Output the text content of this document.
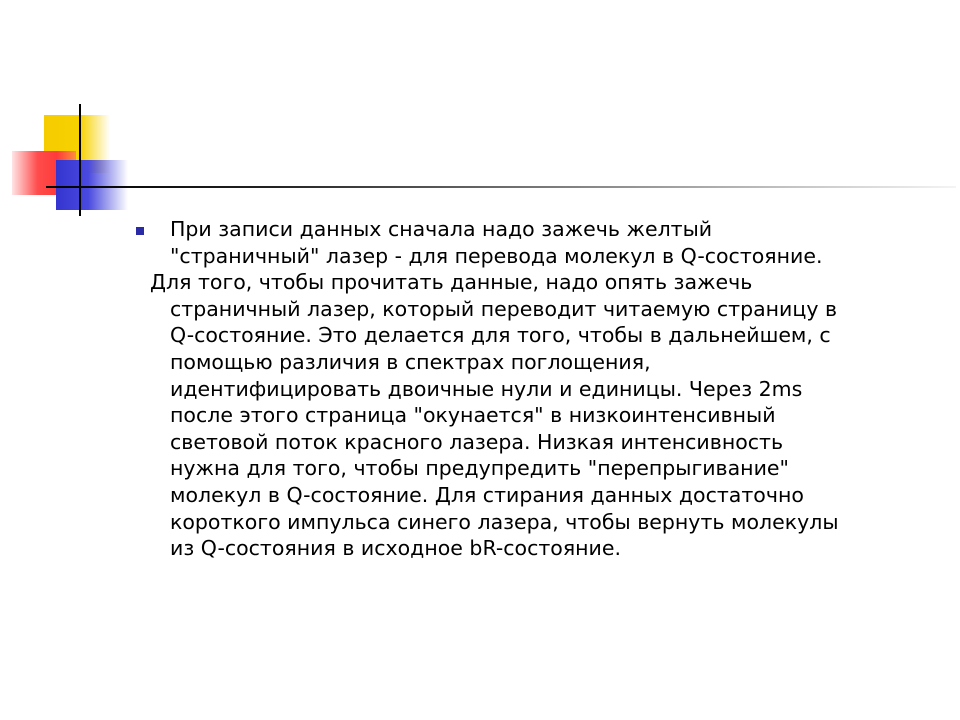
При записи данных сначала надо зажечь желтый
"страничный" лазер - для перевода молекул в Q-состояние.
Для того, чтобы прочитать данные, надо опять зажечь
страничный лазер, который переводит читаемую страницу в
Q-состояние. Это делается для того, чтобы в дальнейшем, с
помощью различия в спектрах поглощения,
идентифицировать двоичные нули и единицы. Через 2ms
после этого страница "окунается" в низкоинтенсивный
световой поток красного лазера. Низкая интенсивность
нужна для того, чтобы предупредить "перепрыгивание"
молекул в Q-состояние. Для стирания данных достаточно
короткого импульса синего лазера, чтобы вернуть молекулы
из Q-состояния в исходное bR-состояние.
